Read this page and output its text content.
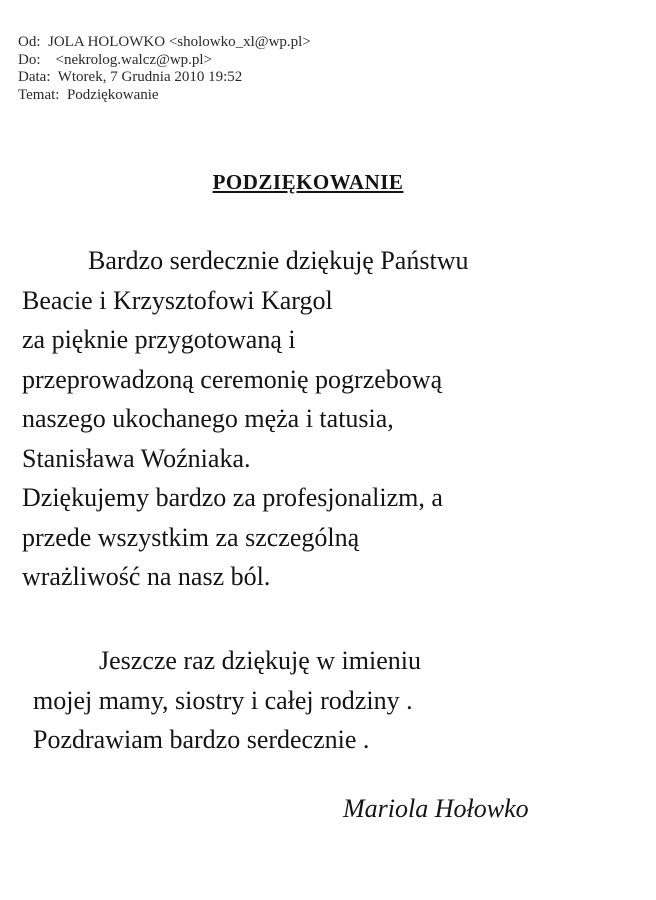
Od: JOLA HOLOWKO <sholowko_xl@wp.pl>
Do: <nekrolog.walcz@wp.pl>
Data: Wtorek, 7 Grudnia 2010 19:52
Temat: Podziękowanie
PODZIĘKOWANIE
Bardzo serdecznie dziękuję Państwu
Beacie i Krzysztofowi Kargol
za pięknie przygotowaną i
przeprowadzoną ceremonię pogrzebową
naszego ukochanego męża i tatusia,
Stanisława Woźniaka.
Dziękujemy bardzo za profesjonalizm, a
przede wszystkim za szczególną
wrażliwość na nasz ból.
Jeszcze raz dziękuję w imieniu
mojej mamy, siostry i całej rodziny .
Pozdrawiam bardzo serdecznie .
Mariola Hołowko
